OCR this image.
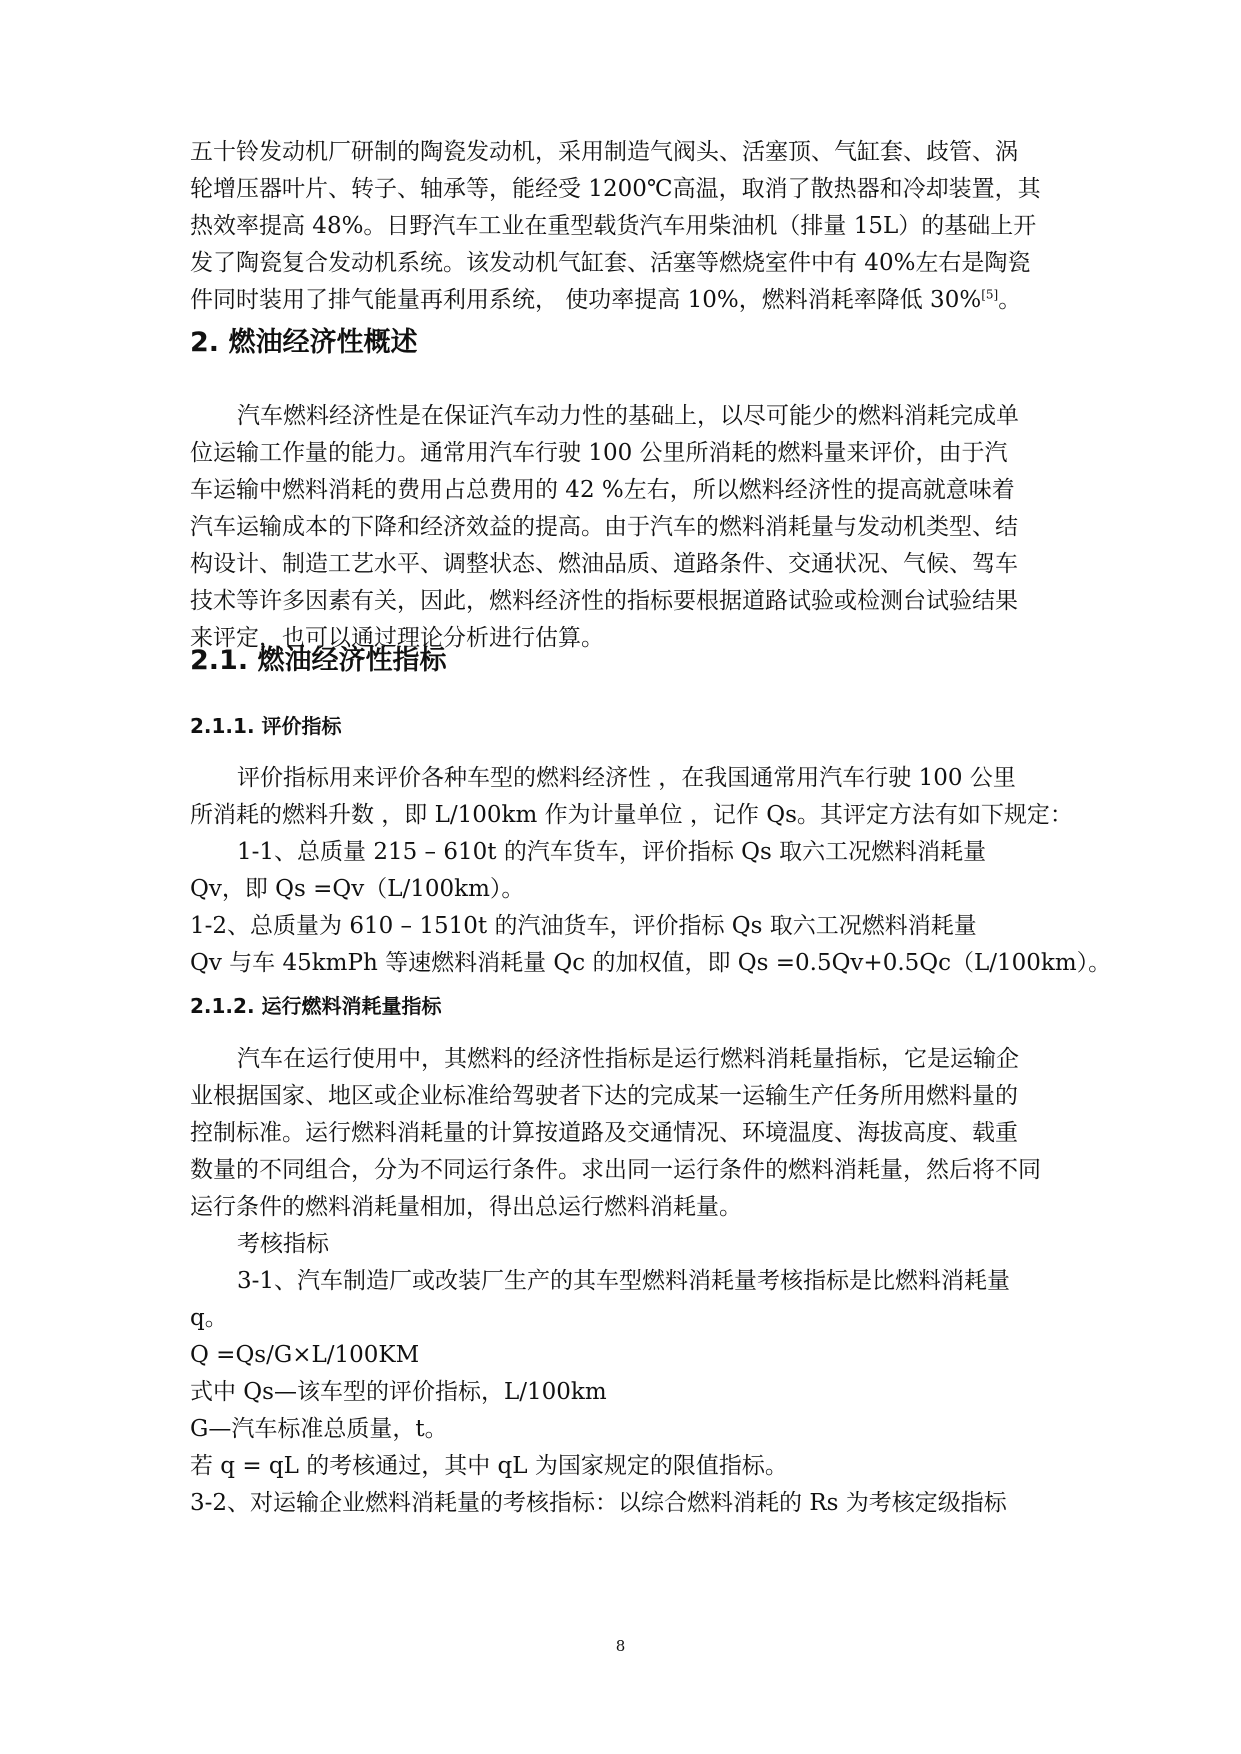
五十铃发动机厂研制的陶瓷发动机，采用制造气阀头、活塞顶、气缸套、歧管、涡
轮增压器叶片、转子、轴承等，能经受 1200℃高温，取消了散热器和冷却装置，其
热效率提高 48%。日野汽车工业在重型载货汽车用柴油机（排量 15L）的基础上开
发了陶瓷复合发动机系统。该发动机气缸套、活塞等燃烧室件中有 40%左右是陶瓷
件同时装用了排气能量再利用系统， 使功率提高 10%，燃料消耗率降低 30%[5]。
2. 燃油经济性概述
汽车燃料经济性是在保证汽车动力性的基础上，以尽可能少的燃料消耗完成单
位运输工作量的能力。通常用汽车行驶 100 公里所消耗的燃料量来评价，由于汽
车运输中燃料消耗的费用占总费用的 42 %左右，所以燃料经济性的提高就意味着
汽车运输成本的下降和经济效益的提高。由于汽车的燃料消耗量与发动机类型、结
构设计、制造工艺水平、调整状态、燃油品质、道路条件、交通状况、气候、驾车
技术等许多因素有关，因此，燃料经济性的指标要根据道路试验或检测台试验结果
来评定，也可以通过理论分析进行估算。
2.1. 燃油经济性指标
2.1.1. 评价指标
评价指标用来评价各种车型的燃料经济性 ，在我国通常用汽车行驶 100 公里
所消耗的燃料升数 ，即 L/100km 作为计量单位 ，记作 Qs。其评定方法有如下规定：
1-1、总质量 215 – 610t 的汽车货车，评价指标 Qs 取六工况燃料消耗量
Qv，即 Qs =Qv（L/100km）。
1-2、总质量为 610 – 1510t 的汽油货车，评价指标 Qs 取六工况燃料消耗量
Qv 与车 45kmPh 等速燃料消耗量 Qc 的加权值，即 Qs =0.5Qv+0.5Qc（L/100km）。
2.1.2. 运行燃料消耗量指标
汽车在运行使用中，其燃料的经济性指标是运行燃料消耗量指标，它是运输企
业根据国家、地区或企业标准给驾驶者下达的完成某一运输生产任务所用燃料量的
控制标准。运行燃料消耗量的计算按道路及交通情况、环境温度、海拔高度、载重
数量的不同组合，分为不同运行条件。求出同一运行条件的燃料消耗量，然后将不同
运行条件的燃料消耗量相加，得出总运行燃料消耗量。
考核指标
3-1、汽车制造厂或改装厂生产的其车型燃料消耗量考核指标是比燃料消耗量
q。
Q =Qs/G×L/100KM
式中 Qs—该车型的评价指标，L/100km
G—汽车标准总质量，t。
若 q = qL 的考核通过，其中 qL 为国家规定的限值指标。
3-2、对运输企业燃料消耗量的考核指标：以综合燃料消耗的 Rs 为考核定级指标
8
